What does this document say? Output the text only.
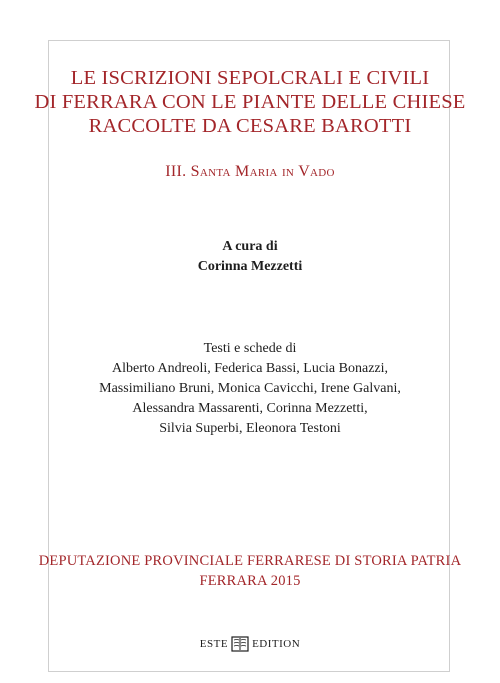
LE ISCRIZIONI SEPOLCRALI E CIVILI
DI FERRARA CON LE PIANTE DELLE CHIESE
RACCOLTE DA CESARE BAROTTI
III. Santa Maria in Vado
A cura di
Corinna Mezzetti
Testi e schede di
Alberto Andreoli, Federica Bassi, Lucia Bonazzi,
Massimiliano Bruni, Monica Cavicchi, Irene Galvani,
Alessandra Massarenti, Corinna Mezzetti,
Silvia Superbi, Eleonora Testoni
DEPUTAZIONE PROVINCIALE FERRARESE DI STORIA PATRIA
FERRARA 2015
ESTE EDITION
